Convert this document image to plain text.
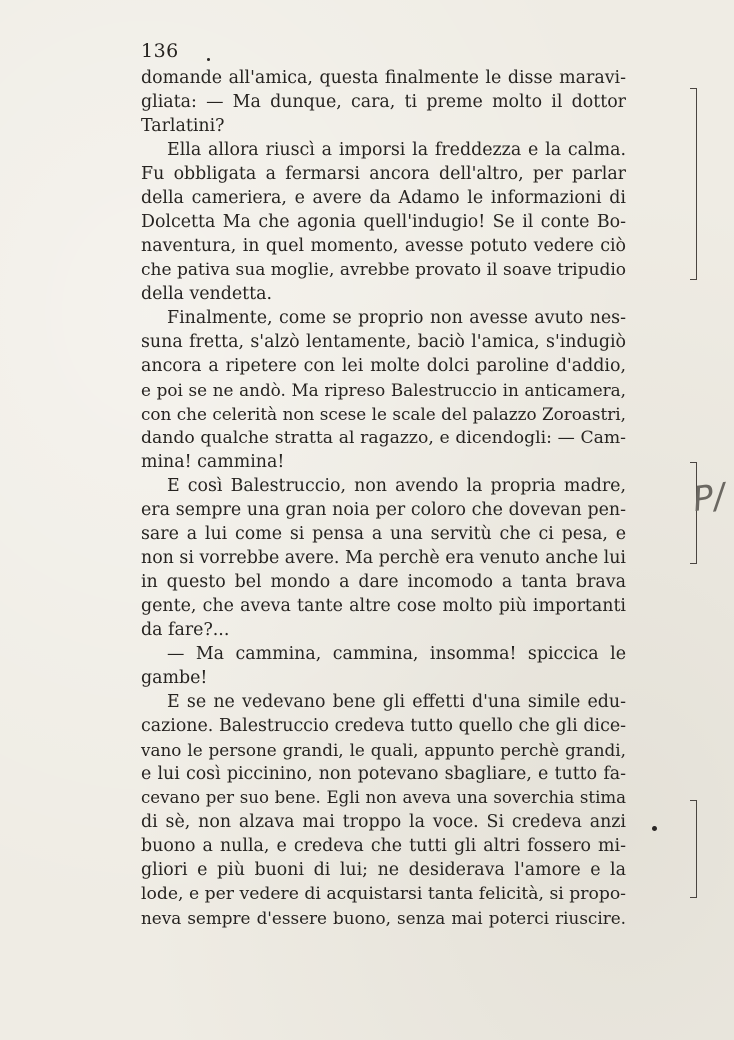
136
domande all'amica, questa finalmente le disse maravi-
gliata: — Ma dunque, cara, ti preme molto il dottor
Tarlatini?
Ella allora riuscì a imporsi la freddezza e la calma.
Fu obbligata a fermarsi ancora dell'altro, per parlar
della cameriera, e avere da Adamo le informazioni di
Dolcetta Ma che agonia quell'indugio! Se il conte Bo-
naventura, in quel momento, avesse potuto vedere ciò
che pativa sua moglie, avrebbe provato il soave tripudio
della vendetta.
Finalmente, come se proprio non avesse avuto nes-
suna fretta, s'alzò lentamente, baciò l'amica, s'indugiò
ancora a ripetere con lei molte dolci paroline d'addio,
e poi se ne andò. Ma ripreso Balestruccio in anticamera,
con che celerità non scese le scale del palazzo Zoroastri,
dando qualche stratta al ragazzo, e dicendogli: — Cam-
mina! cammina!
E così Balestruccio, non avendo la propria madre,
era sempre una gran noia per coloro che dovevan pen-
sare a lui come si pensa a una servitù che ci pesa, e
non si vorrebbe avere. Ma perchè era venuto anche lui
in questo bel mondo a dare incomodo a tanta brava
gente, che aveva tante altre cose molto più importanti
da fare?...
— Ma cammina, cammina, insomma! spiccica le
gambe!
E se ne vedevano bene gli effetti d'una simile edu-
cazione. Balestruccio credeva tutto quello che gli dice-
vano le persone grandi, le quali, appunto perchè grandi,
e lui così piccinino, non potevano sbagliare, e tutto fa-
cevano per suo bene. Egli non aveva una soverchia stima
di sè, non alzava mai troppo la voce. Si credeva anzi
buono a nulla, e credeva che tutti gli altri fossero mi-
gliori e più buoni di lui; ne desiderava l'amore e la
lode, e per vedere di acquistarsi tanta felicità, si propo-
neva sempre d'essere buono, senza mai poterci riuscire.
P/
